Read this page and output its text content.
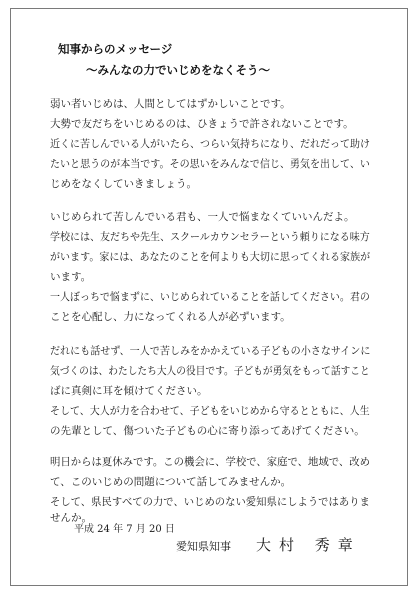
知事からのメッセージ
～みんなの力でいじめをなくそう～
弱い者いじめは、人間としてはずかしいことです。
大勢で友だちをいじめるのは、ひきょうで許されないことです。
近くに苦しんでいる人がいたら、つらい気持ちになり、だれだって助け
たいと思うのが本当です。その思いをみんなで信じ、勇気を出して、い
じめをなくしていきましょう。
いじめられて苦しんでいる君も、一人で悩まなくていいんだよ。
学校には、友だちや先生、スクールカウンセラーという頼りになる味方
がいます。家には、あなたのことを何よりも大切に思ってくれる家族が
います。
一人ぼっちで悩まずに、いじめられていることを話してください。君の
ことを心配し、力になってくれる人が必ずいます。
だれにも話せず、一人で苦しみをかかえている子どもの小さなサインに
気づくのは、わたしたち大人の役目です。子どもが勇気をもって話すこと
ばに真剣に耳を傾けてください。
そして、大人が力を合わせて、子どもをいじめから守るとともに、人生
の先輩として、傷ついた子どもの心に寄り添ってあげてください。
明日からは夏休みです。この機会に、学校で、家庭で、地域で、改め
て、このいじめの問題について話してみませんか。
そして、県民すべての力で、いじめのない愛知県にしようではありま
せんか。
平成 24 年 7 月 20 日
愛知県知事 大村 秀章
